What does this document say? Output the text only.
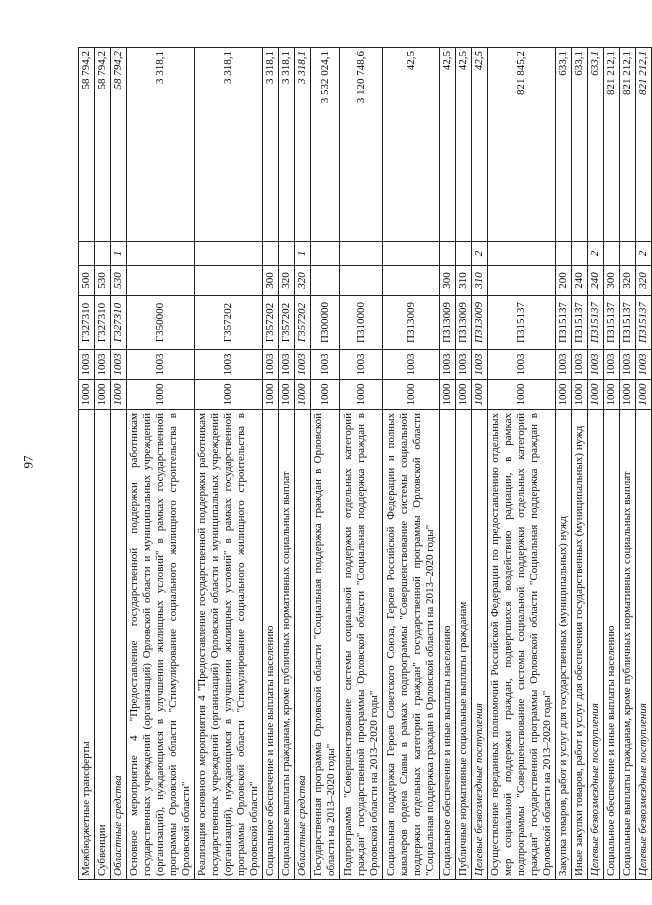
97
Межбюджетные трансферты	1000	1003	Г327310	500		58 794,2
Субвенции	1000	1003	Г327310	530		58 794,2
Областные средства	1000	1003	Г327310	530	1	58 794,2
Основное мероприятие 4 "Предоставление государственной поддержки работникам государственных учреждений (организаций) Орловской области и муниципальных учреждений (организаций), нуждающимся в улучшении жилищных условий" в рамках государственной программы Орловской области "Стимулирование социального жилищного строительства в Орловской области"	1000	1003	Г350000			3 318,1
Реализация основного мероприятия 4 "Предоставление государственной поддержки работникам государственных учреждений (организаций) Орловской области и муниципальных учреждений (организаций), нуждающимся в улучшении жилищных условий" в рамках государственной программы Орловской области "Стимулирование социального жилищного строительства в Орловской области"	1000	1003	Г357202			3 318,1
Социальное обеспечение и иные выплаты населению	1000	1003	Г357202	300		3 318,1
Социальные выплаты гражданам, кроме публичных нормативных социальных выплат	1000	1003	Г357202	320		3 318,1
Областные средства	1000	1003	Г357202	320	1	3 318,1
Государственная программа Орловской области "Социальная поддержка граждан в Орловской области на 2013–2020 годы"	1000	1003	П300000			3 532 024,1
Подпрограмма "Совершенствование системы социальной поддержки отдельных категорий граждан" государственной программы Орловской области "Социальная поддержка граждан в Орловской области на 2013–2020 годы"	1000	1003	П310000			3 120 748,6
Социальная поддержка Героев Советского Союза, Героев Российской Федерации и полных кавалеров ордена Славы в рамках подпрограммы "Совершенствование системы социальной поддержки отдельных категорий граждан" государственной программы Орловской области "Социальная поддержка граждан в Орловской области на 2013–2020 годы"	1000	1003	П313009			42,5
Социальное обеспечение и иные выплаты населению	1000	1003	П313009	300		42,5
Публичные нормативные социальные выплаты гражданам	1000	1003	П313009	310		42,5
Целевые безвозмездные поступления	1000	1003	П313009	310	2	42,5
Осуществление переданных полномочий Российской Федерации по предоставлению отдельных мер социальной поддержки граждан, подвергшихся воздействию радиации, в рамках подпрограммы "Совершенствование системы социальной поддержки отдельных категорий граждан" государственной программы Орловской области "Социальная поддержка граждан в Орловской области на 2013–2020 годы"	1000	1003	П315137			821 845,2
Закупка товаров, работ и услуг для государственных (муниципальных) нужд	1000	1003	П315137	200		633,1
Иные закупки товаров, работ и услуг для обеспечения государственных (муниципальных) нужд	1000	1003	П315137	240		633,1
Целевые безвозмездные поступления	1000	1003	П315137	240	2	633,1
Социальное обеспечение и иные выплаты населению	1000	1003	П315137	300		821 212,1
Социальные выплаты гражданам, кроме публичных нормативных социальных выплат	1000	1003	П315137	320		821 212,1
Целевые безвозмездные поступления	1000	1003	П315137	320	2	821 212,1
